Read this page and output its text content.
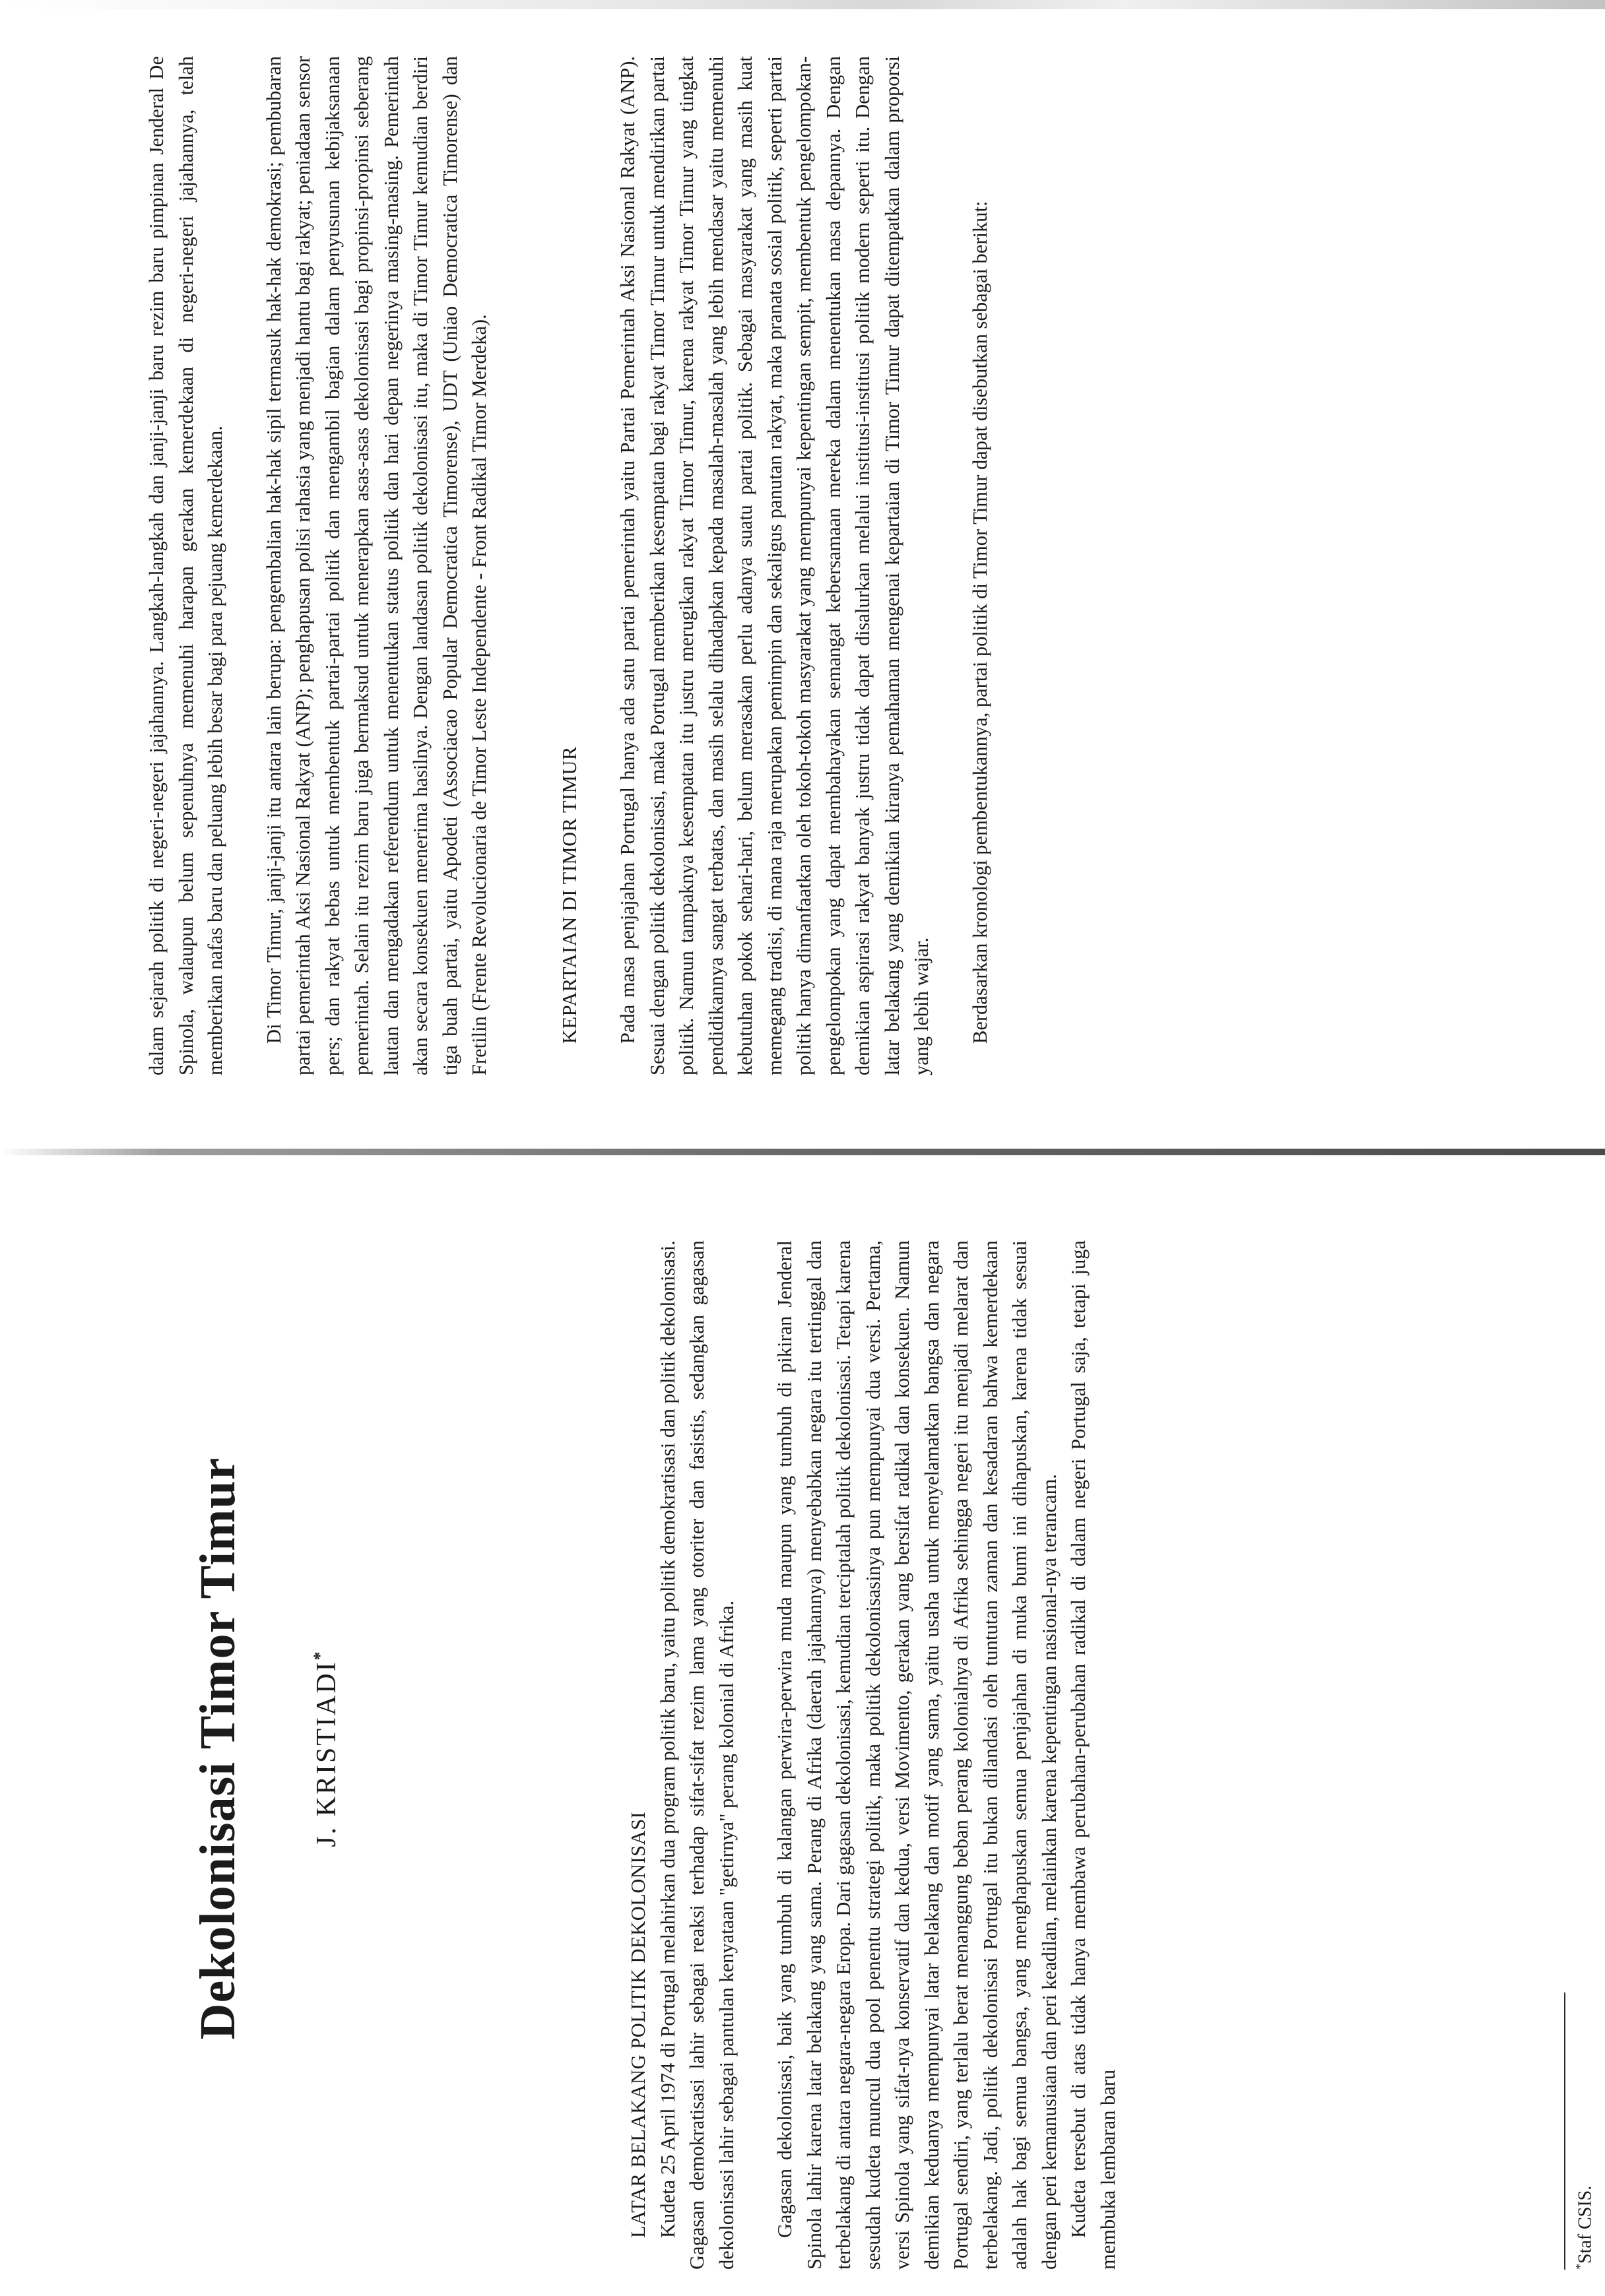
Dekolonisasi Timor Timur J. KRISTIADI*

LATAR BELAKANG POLITIK DEKOLONISASI Kudeta 25 April 1974 di Portugal melahirkan dua program politik baru, yaitu politik demokratisasi dan politik dekolonisasi. Gagasan demokratisasi lahir sebagai reaksi terhadap sifat-sifat rezim lama yang otoriter dan fasistis, sedangkan gagasan dekolonisasi lahir sebagai pantulan kenyataan "getirnya" perang kolonial di Afrika. Gagasan dekolonisasi, baik yang tumbuh di kalangan perwira-perwira muda maupun yang tumbuh di pikiran Jenderal Spinola lahir karena latar belakang yang sama. Perang di Afrika (daerah jajahannya) menyebabkan negara itu tertinggal dan terbelakang di antara negara-negara Eropa. Dari gagasan dekolonisasi, kemudian terciptalah politik dekolonisasi. Tetapi karena sesudah kudeta muncul dua pool penentu strategi politik, maka politik dekolonisasinya pun mempunyai dua versi. Pertama, versi Spinola yang sifat-nya konservatif dan kedua, versi Movimento, gerakan yang bersifat radikal dan konsekuen. Namun demikian keduanya mempunyai latar belakang dan motif yang sama, yaitu usaha untuk menyelamatkan bangsa dan negara Portugal sendiri, yang terlalu berat menanggung beban perang kolonialnya di Afrika sehingga negeri itu menjadi melarat dan terbelakang. Jadi, politik dekolonisasi Portugal itu bukan dilandasi oleh tuntutan zaman dan kesadaran bahwa kemerdekaan adalah hak bagi semua bangsa, yang menghapuskan semua penjajahan di muka bumi ini dihapuskan, karena tidak sesuai dengan peri kemanusiaan dan peri keadilan, melainkan karena kepentingan nasional-nya terancam. Kudeta tersebut di atas tidak hanya membawa perubahan-perubahan radikal di dalam negeri Portugal saja, tetapi juga membuka lembaran baru	*Staf CSIS.

dalam sejarah politik di negeri-negeri jajahannya. Langkah-langkah dan janji-janji baru rezim baru pimpinan Jenderal De Spinola, walaupun belum sepenuhnya memenuhi harapan gerakan kemerdekaan di negeri-negeri jajahannya, telah memberikan nafas baru dan peluang lebih besar bagi para pejuang kemerdekaan. Di Timor Timur, janji-janji itu antara lain berupa: pengembalian hak-hak sipil termasuk hak-hak demokrasi; pembubaran partai pemerintah Aksi Nasional Rakyat (ANP); penghapusan polisi rahasia yang menjadi hantu bagi rakyat; peniadaan sensor pers; dan rakyat bebas untuk membentuk partai-partai politik dan mengambil bagian dalam penyusunan kebijaksanaan pemerintah. Selain itu rezim baru juga bermaksud untuk menerapkan asas-asas dekolonisasi bagi propinsi-propinsi seberang lautan dan mengadakan referendum untuk menentukan status politik dan hari depan negerinya masing-masing. Pemerintah akan secara konsekuen menerima hasilnya. Dengan landasan politik dekolonisasi itu, maka di Timor Timur kemudian berdiri tiga buah partai, yaitu Apodeti (Associacao Popular Democratica Timorense), UDT (Uniao Democratica Timorense) dan Fretilin (Frente Revolucionaria de Timor Leste Independente - Front Radikal Timor Merdeka).	KEPARTAIAN DI TIMOR TIMUR Pada masa penjajahan Portugal hanya ada satu partai pemerintah yaitu Partai Pemerintah Aksi Nasional Rakyat (ANP). Sesuai dengan politik dekolonisasi, maka Portugal memberikan kesempatan bagi rakyat Timor Timur untuk mendirikan partai politik. Namun tampaknya kesempatan itu justru merugikan rakyat Timor Timur, karena rakyat Timor Timur yang tingkat pendidikannya sangat terbatas, dan masih selalu dihadapkan kepada masalah-masalah yang lebih mendasar yaitu memenuhi kebutuhan pokok sehari-hari, belum merasakan perlu adanya suatu partai politik. Sebagai masyarakat yang masih kuat memegang tradisi, di mana raja merupakan pemimpin dan sekaligus panutan rakyat, maka pranata sosial politik, seperti partai politik hanya dimanfaatkan oleh tokoh-tokoh masyarakat yang mempunyai kepentingan sempit, membentuk pengelompokan-pengelompokan yang dapat membahayakan semangat kebersamaan mereka dalam menentukan masa depannya. Dengan demikian aspirasi rakyat banyak justru tidak dapat disalurkan melalui institusi-institusi politik modern seperti itu. Dengan latar belakang yang demikian kiranya pemahaman mengenai kepartaian di Timor Timur dapat ditempatkan dalam proporsi yang lebih wajar. Berdasarkan kronologi pembentukannya, partai politik di Timor Timur dapat disebutkan sebagai berikut:
